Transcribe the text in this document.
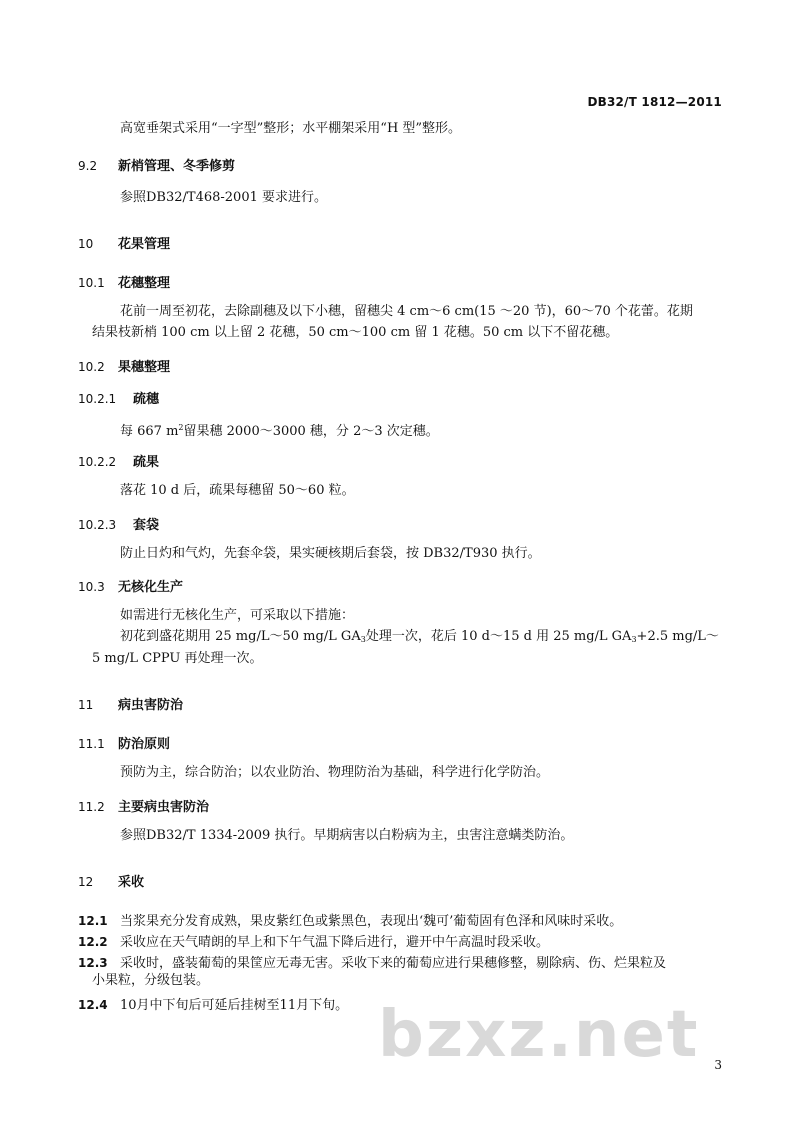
DB32/T 1812—2011
高宽垂架式采用“一字型”整形；水平棚架采用“H 型”整形。
9.2 新梢管理、冬季修剪
参照DB32/T468-2001 要求进行。
10 花果管理
10.1 花穗整理
花前一周至初花，去除副穗及以下小穗，留穗尖 4 cm～6 cm(15 ～20 节)，60～70 个花蕾。花期
结果枝新梢 100 cm 以上留 2 花穗，50 cm～100 cm 留 1 花穗。50 cm 以下不留花穗。
10.2 果穗整理
10.2.1 疏穗
每 667 $m^2$留果穗 2000～3000 穗，分 2～3 次定穗。
10.2.2 疏果
落花 10 d 后，疏果每穗留 50～60 粒。
10.2.3 套袋
防止日灼和气灼，先套伞袋，果实硬核期后套袋，按 DB32/T930 执行。
10.3 无核化生产
如需进行无核化生产，可采取以下措施：
初花到盛花期用 25 mg/L～50 mg/L $GA_3$处理一次，花后 10 d～15 d 用 25 mg/L $GA_3+2.5$ mg/L～
5 mg/L CPPU 再处理一次。
11 病虫害防治
11.1 防治原则
预防为主，综合防治；以农业防治、物理防治为基础，科学进行化学防治。
11.2 主要病虫害防治
参照DB32/T 1334-2009 执行。早期病害以白粉病为主，虫害注意螨类防治。
12 采收
12.1 当浆果充分发育成熟，果皮紫红色或紫黑色，表现出‘魏可’葡萄固有色泽和风味时采收。
12.2 采收应在天气晴朗的早上和下午气温下降后进行，避开中午高温时段采收。
12.3 采收时，盛装葡萄的果筐应无毒无害。采收下来的葡萄应进行果穗修整，剔除病、伤、烂果粒及
小果粒，分级包装。
12.4 10月中下旬后可延后挂树至11月下旬。 bzxz.net 3
